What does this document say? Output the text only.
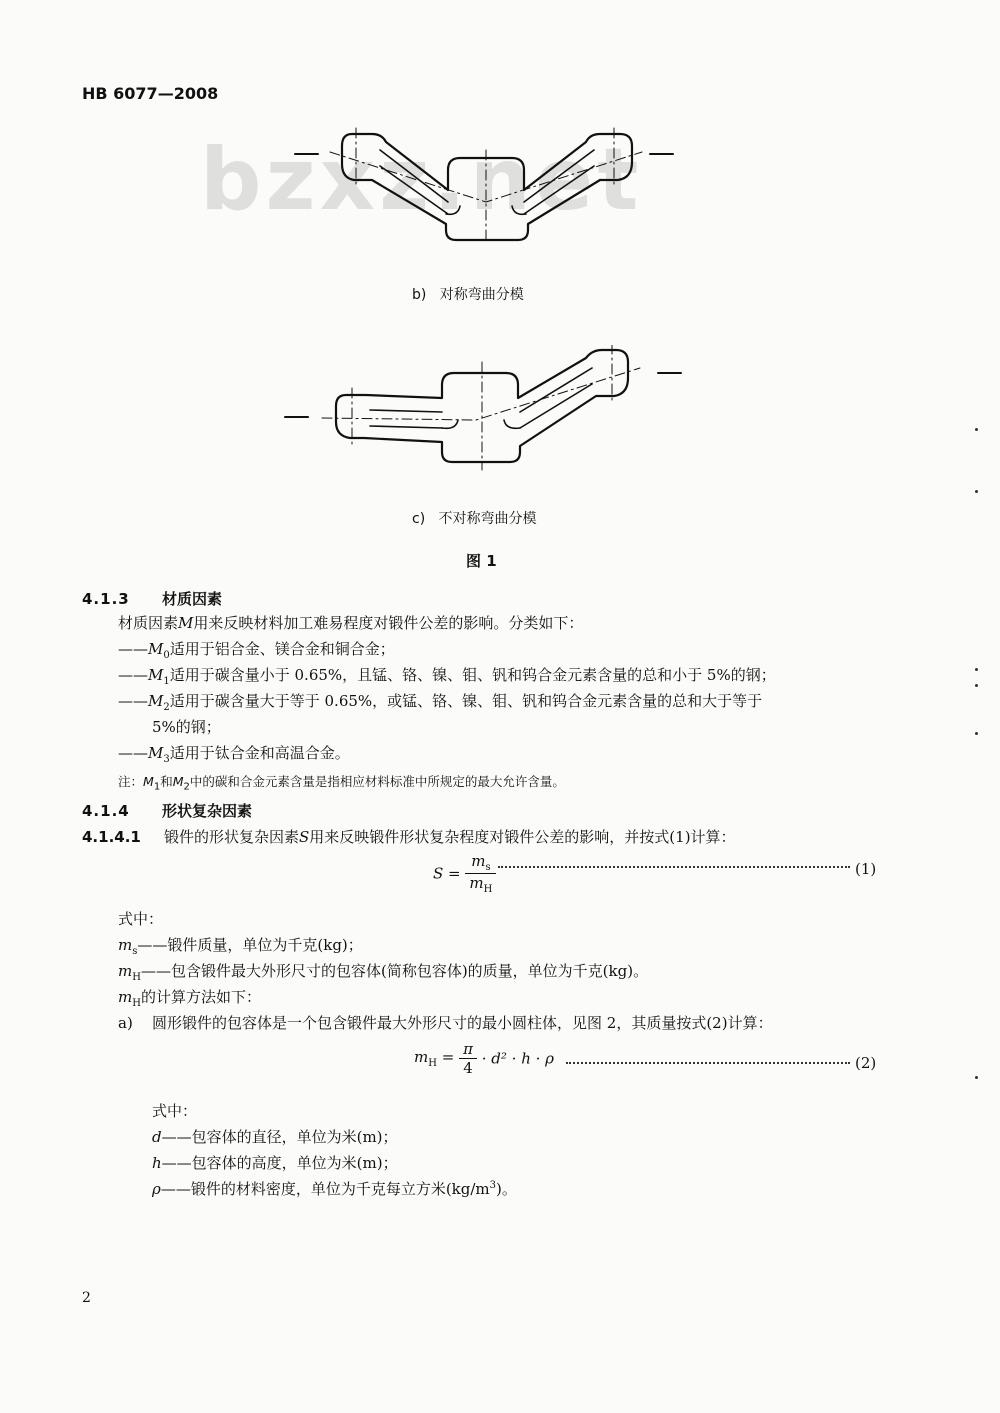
HB 6077—2008
bzxz.net
b) 对称弯曲分模
c) 不对称弯曲分模
图 1
4.1.3 材质因素
材质因素M用来反映材料加工难易程度对锻件公差的影响。分类如下：
$——M_0$适用于铝合金、镁合金和铜合金；
$——M_1$适用于碳含量小于 0.65%，且锰、铬、镍、钼、钒和钨合金元素含量的总和小于 5%的钢；
$——M_2$适用于碳含量大于等于 0.65%，或锰、铬、镍、钼、钒和钨合金元素含量的总和大于等于
5%的钢；
$——M_3$适用于钛合金和高温合金。
注：$M_1$和$M_2$中的碳和合金元素含量是指相应材料标准中所规定的最大允许含量。
4.1.4 形状复杂因素
4.1.4.1 锻件的形状复杂因素S用来反映锻件形状复杂程度对锻件公差的影响，并按式(1)计算：
$S = \frac{m_s}{m_H}$	(1)
式中：
$m_s——$锻件质量，单位为千克(kg)；
$m_H——$包含锻件最大外形尺寸的包容体(简称包容体)的质量，单位为千克(kg)。
$m_H$的计算方法如下：
a) 圆形锻件的包容体是一个包含锻件最大外形尺寸的最小圆柱体，见图 2，其质量按式(2)计算：
$m_H = \frac{\pi}{4} \cdot d^2 \cdot h \cdot \rho$	(2)
式中：
d——包容体的直径，单位为米(m)；
h——包容体的高度，单位为米(m)；
ρ——锻件的材料密度，单位为千克每立方米$(kg/m^3)$。
2
